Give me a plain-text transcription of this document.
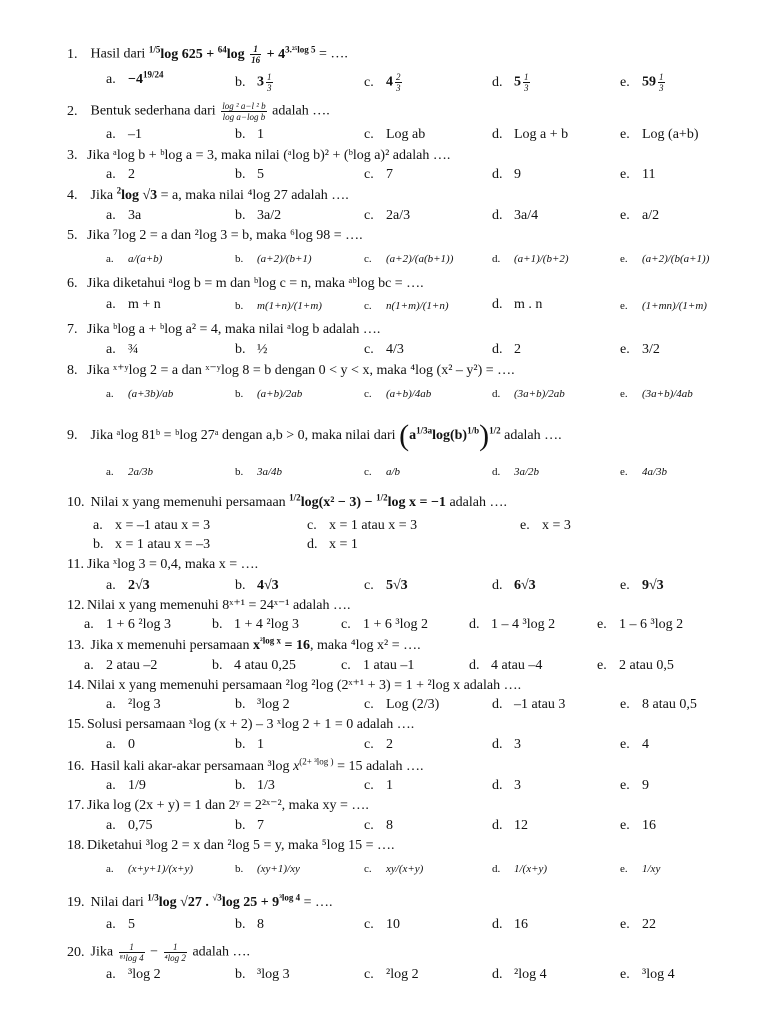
1. Hasil dari $^{1/5}$log $625 + ^{64}\log \frac{1}{16} + 4^{3.^{25}log 5}$ = ….
a. $-4^{19/24}$
b. $3 \frac{1}{3}$	c. $4 \frac{2}{3}$	d. $5 \frac{1}{3}$	e. $59 \frac{1}{3}$
2. Bentuk sederhana dari $\frac{\text{log ² a−l ² b}}{\text{log a−log b}}$ adalah ….
a. –1	b. 1	c. Log ab	d. Log a + b	e. Log (a+b)
3. Jika ᵃlog b + ᵇlog a = 3, maka nilai (ᵃlog b)² + (ᵇlog a)² adalah ….
a. 2	b. 5	c. 7	d. 9	e. 11
4. Jika $^2$log √3 = a, maka nilai ⁴log 27 adalah ….
a. 3a	b. 3a/2	c. 2a/3	d. 3a/4	e. a/2
5. Jika ⁷log 2 = a dan ²log 3 = b, maka ⁶log 98 = ….
a. a/(a+b)	b. (a+2)/(b+1)	c. (a+2)/(a(b+1))	d. (a+1)/(b+2)	e. (a+2)/(b(a+1))
6. Jika diketahui ᵃlog b = m dan ᵇlog c = n, maka ᵃᵇlog bc = ….
a. m + n	b. m(1+n)/(1+m)	c. n(1+m)/(1+n)	d. m . n	e. (1+mn)/(1+m)
7. Jika ᵇlog a + ᵇlog a² = 4, maka nilai ᵃlog b adalah ….
a. ¾	b. ½	c. 4/3	d. 2	e. 3/2
8. Jika ˣ⁺ʸlog 2 = a dan ˣ⁻ʸlog 8 = b dengan 0 < y < x, maka ⁴log (x² – y²) = ….
a. (a+3b)/ab	b. (a+b)/2ab	c. (a+b)/4ab	d. (3a+b)/2ab	e. (3a+b)/4ab
9. Jika ᵃlog 81ᵇ = ᵇlog 27ᵃ dengan a,b > 0, maka nilai dari $(a^{1/3a}\log(b)^{1/b})^{1/2}$ adalah ….
a. 2a/3b	b. 3a/4b	c. a/b	d. 3a/2b	e. 4a/3b
10. Nilai x yang memenuhi persamaan $^{1/2}$log(x² − 3) − $^{1/2}$log x = −1 adalah ….
a. x = –1 atau x = 3	c. x = 1 atau x = 3	e. x = 3
b. x = 1 atau x = –3	d. x = 1
11. Jika ˣlog 3 = 0,4, maka x = ….
a. 2√3	b. 4√3	c. 5√3	d. 6√3	e. 9√3
12. Nilai x yang memenuhi 8ˣ⁺¹ = 24ˣ⁻¹ adalah ….
a. 1 + 6 ²log 3	b. 1 + 4 ²log 3	c. 1 + 6 ³log 2	d. 1 – 4 ³log 2	e. 1 – 6 ³log 2
13. Jika x memenuhi persamaan $x^{^2log x} = 16$, maka ⁴log x² = ….
a. 2 atau –2	b. 4 atau 0,25	c. 1 atau –1	d. 4 atau –4	e. 2 atau 0,5
14. Nilai x yang memenuhi persamaan ²log ²log (2ˣ⁺¹ + 3) = 1 + ²log x adalah ….
a. ²log 3	b. ³log 2	c. Log (2/3)	d. –1 atau 3	e. 8 atau 0,5
15. Solusi persamaan ˣlog (x + 2) – 3 ˣlog 2 + 1 = 0 adalah ….
a. 0	b. 1	c. 2	d. 3	e. 4
16. Hasil kali akar-akar persamaan ³log $x^{(2+ ^3log )} = 15$ adalah ….
a. 1/9	b. 1/3	c. 1	d. 3	e. 9
17. Jika log (2x + y) = 1 dan 2ʸ = 2²ˣ⁻², maka xy = ….
a. 0,75	b. 7	c. 8	d. 12	e. 16
18. Diketahui ³log 2 = x dan ²log 5 = y, maka ⁵log 15 = ….
a. (x+y+1)/(x+y)	b. (xy+1)/xy	c. xy/(x+y)	d. 1/(x+y)	e. 1/xy
19. Nilai dari $^{1/3}$log √27 . $^{√3}$log $25 + 9^{^3log 4}$ = ….
a. 5	b. 8	c. 10	d. 16	e. 22
20. Jika $\frac{1}{\text{⁸¹log 4}} - \frac{1}{\text{⁴log 2}}$ adalah ….
a. ³log 2	b. ³log 3	c. ²log 2	d. ²log 4	e. ³log 4
